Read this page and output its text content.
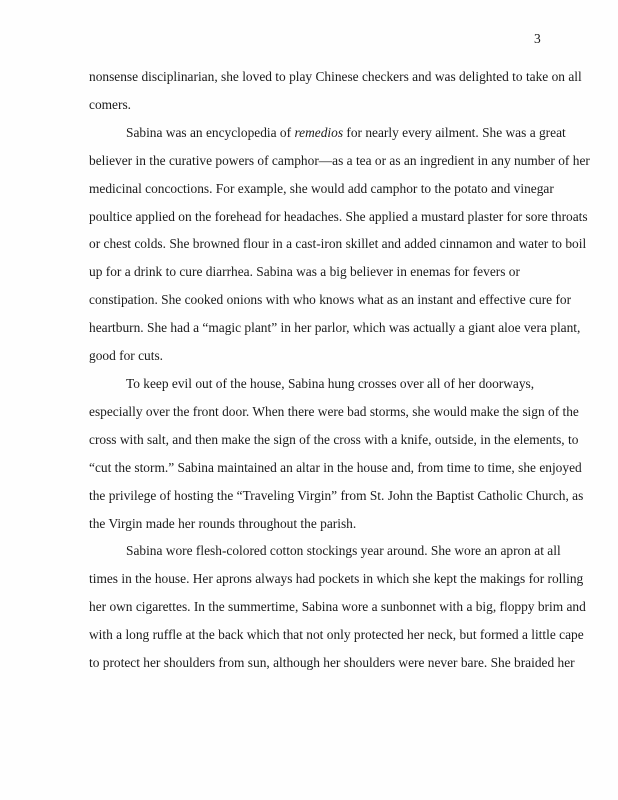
3

nonsense disciplinarian, she loved to play Chinese checkers and was delighted to take on all
comers.

Sabina was an encyclopedia of remedios for nearly every ailment. She was a great

believer in the curative powers of camphor—as a tea or as an ingredient in any number of her
medicinal concoctions. For example, she would add camphor to the potato and vinegar
poultice applied on the forehead for headaches. She applied a mustard plaster for sore throats
or chest colds. She browned flour in a cast-iron skillet and added cinnamon and water to boil
up for a drink to cure diarrhea. Sabina was a big believer in enemas for fevers or
constipation. She cooked onions with who knows what as an instant and effective cure for
heartburn. She had a “magic plant” in her parlor, which was actually a giant aloe vera plant,
good for cuts.

To keep evil out of the house, Sabina hung crosses over all of her doorways,

especially over the front door. When there were bad storms, she would make the sign of the
cross with salt, and then make the sign of the cross with a knife, outside, in the elements, to
“cut the storm.” Sabina maintained an altar in the house and, from time to time, she enjoyed
the privilege of hosting the “Traveling Virgin” from St. John the Baptist Catholic Church, as
the Virgin made her rounds throughout the parish.

Sabina wore flesh-colored cotton stockings year around. She wore an apron at all

times in the house. Her aprons always had pockets in which she kept the makings for rolling
her own cigarettes. In the summertime, Sabina wore a sunbonnet with a big, floppy brim and
with a long ruffle at the back which that not only protected her neck, but formed a little cape
to protect her shoulders from sun, although her shoulders were never bare. She braided her
